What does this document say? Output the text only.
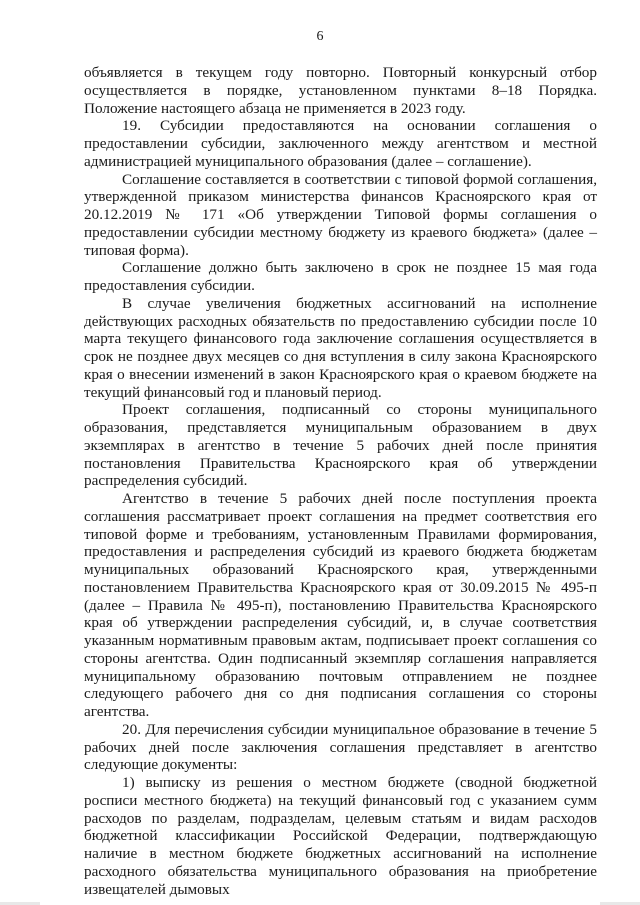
6

объявляется в текущем году повторно. Повторный конкурсный отбор осуществляется в порядке, установленном пунктами 8–18 Порядка. Положение настоящего абзаца не применяется в 2023 году.

19. Субсидии предоставляются на основании соглашения о предоставлении субсидии, заключенного между агентством и местной администрацией муниципального образования (далее – соглашение).

Соглашение составляется в соответствии с типовой формой соглашения, утвержденной приказом министерства финансов Красноярского края от 20.12.2019 № 171 «Об утверждении Типовой формы соглашения о предоставлении субсидии местному бюджету из краевого бюджета» (далее – типовая форма).

Соглашение должно быть заключено в срок не позднее 15 мая года предоставления субсидии.

В случае увеличения бюджетных ассигнований на исполнение действующих расходных обязательств по предоставлению субсидии после 10 марта текущего финансового года заключение соглашения осуществляется в срок не позднее двух месяцев со дня вступления в силу закона Красноярского края о внесении изменений в закон Красноярского края о краевом бюджете на текущий финансовый год и плановый период.

Проект соглашения, подписанный со стороны муниципального образования, представляется муниципальным образованием в двух экземплярах в агентство в течение 5 рабочих дней после принятия постановления Правительства Красноярского края об утверждении распределения субсидий.

Агентство в течение 5 рабочих дней после поступления проекта соглашения рассматривает проект соглашения на предмет соответствия его типовой форме и требованиям, установленным Правилами формирования, предоставления и распределения субсидий из краевого бюджета бюджетам муниципальных образований Красноярского края, утвержденными постановлением Правительства Красноярского края от 30.09.2015 № 495-п (далее – Правила № 495-п), постановлению Правительства Красноярского края об утверждении распределения субсидий, и, в случае соответствия указанным нормативным правовым актам, подписывает проект соглашения со стороны агентства. Один подписанный экземпляр соглашения направляется муниципальному образованию почтовым отправлением не позднее следующего рабочего дня со дня подписания соглашения со стороны агентства.

20. Для перечисления субсидии муниципальное образование в течение 5 рабочих дней после заключения соглашения представляет в агентство следующие документы:

1) выписку из решения о местном бюджете (сводной бюджетной росписи местного бюджета) на текущий финансовый год с указанием сумм расходов по разделам, подразделам, целевым статьям и видам расходов бюджетной классификации Российской Федерации, подтверждающую наличие в местном бюджете бюджетных ассигнований на исполнение расходного обязательства муниципального образования на приобретение извещателей дымовых
